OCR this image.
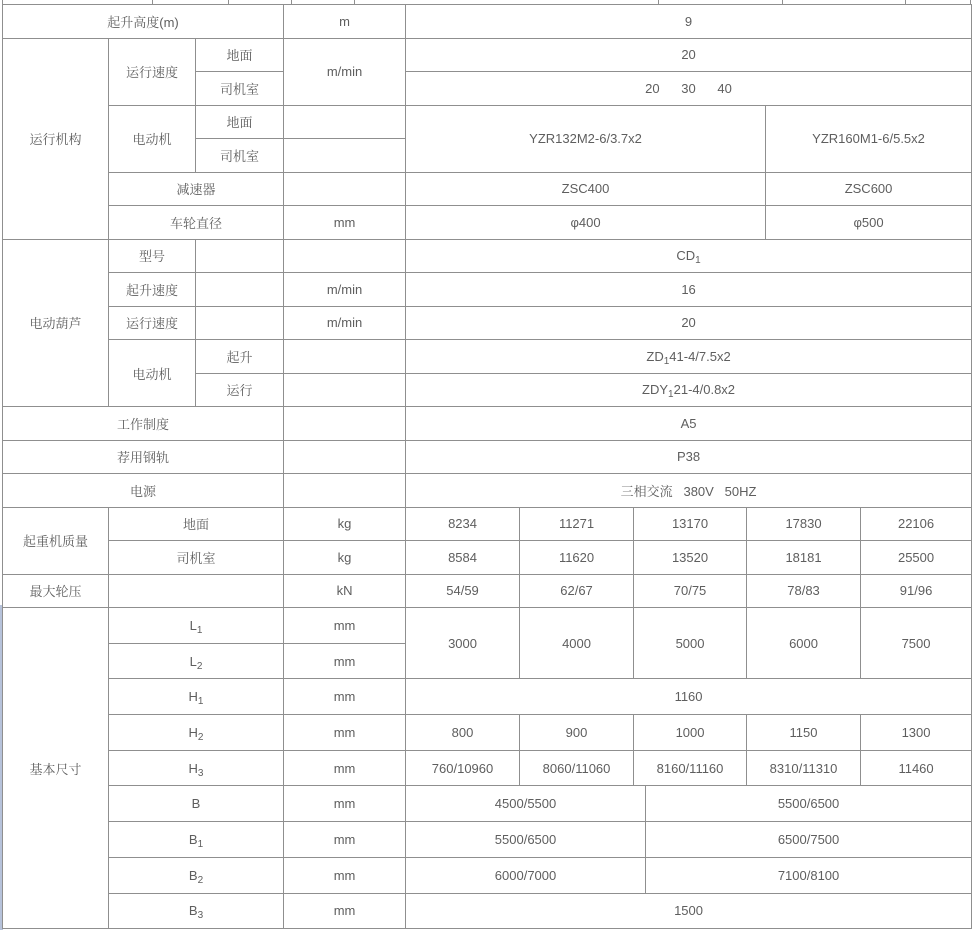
起升高度(m)			m	9						
运行机构	运行速度	地面	m/min	20						
		司机室		20      30      40						
	电动机	地面		YZR132M2-6/3.7x2					YZR160M1-6/5.5x2	
		司机室								
	减速器			ZSC400					ZSC600	
	车轮直径		mm	φ400					φ500	
电动葫芦	型号			$CD_1$
	起升速度		m/min	16						
	运行速度		m/min	20						
	电动机	起升		$ZD_141-4/7.5x2$						
		运行		$ZDY_121-4/0.8x2$						
工作制度				A5						
荐用钢轨				P38						
电源				三相交流   380V   50HZ						
起重机质量	地面		kg	8234	11271	13170		17830		22106
	司机室		kg	8584	11620	13520		18181		25500
最大轮压			kN	54/59	62/67	70/75		78/83		91/96
基本尺寸	$L_1$		mm	3000	4000	5000		6000		7500
	$L_2$		mm							
	$H_1$		mm	1160						
	$H_2$		mm	800	900	1000		1150		1300
	$H_3$		mm	760/10960	8060/11060	8160/11160		8310/11310		11460
	B		mm	4500/5500			5500/6500			
	$B_1$		mm	5500/6500			6500/7500			
	$B_2$		mm	6000/7000			7100/8100			
	$B_3$		mm	1500						
